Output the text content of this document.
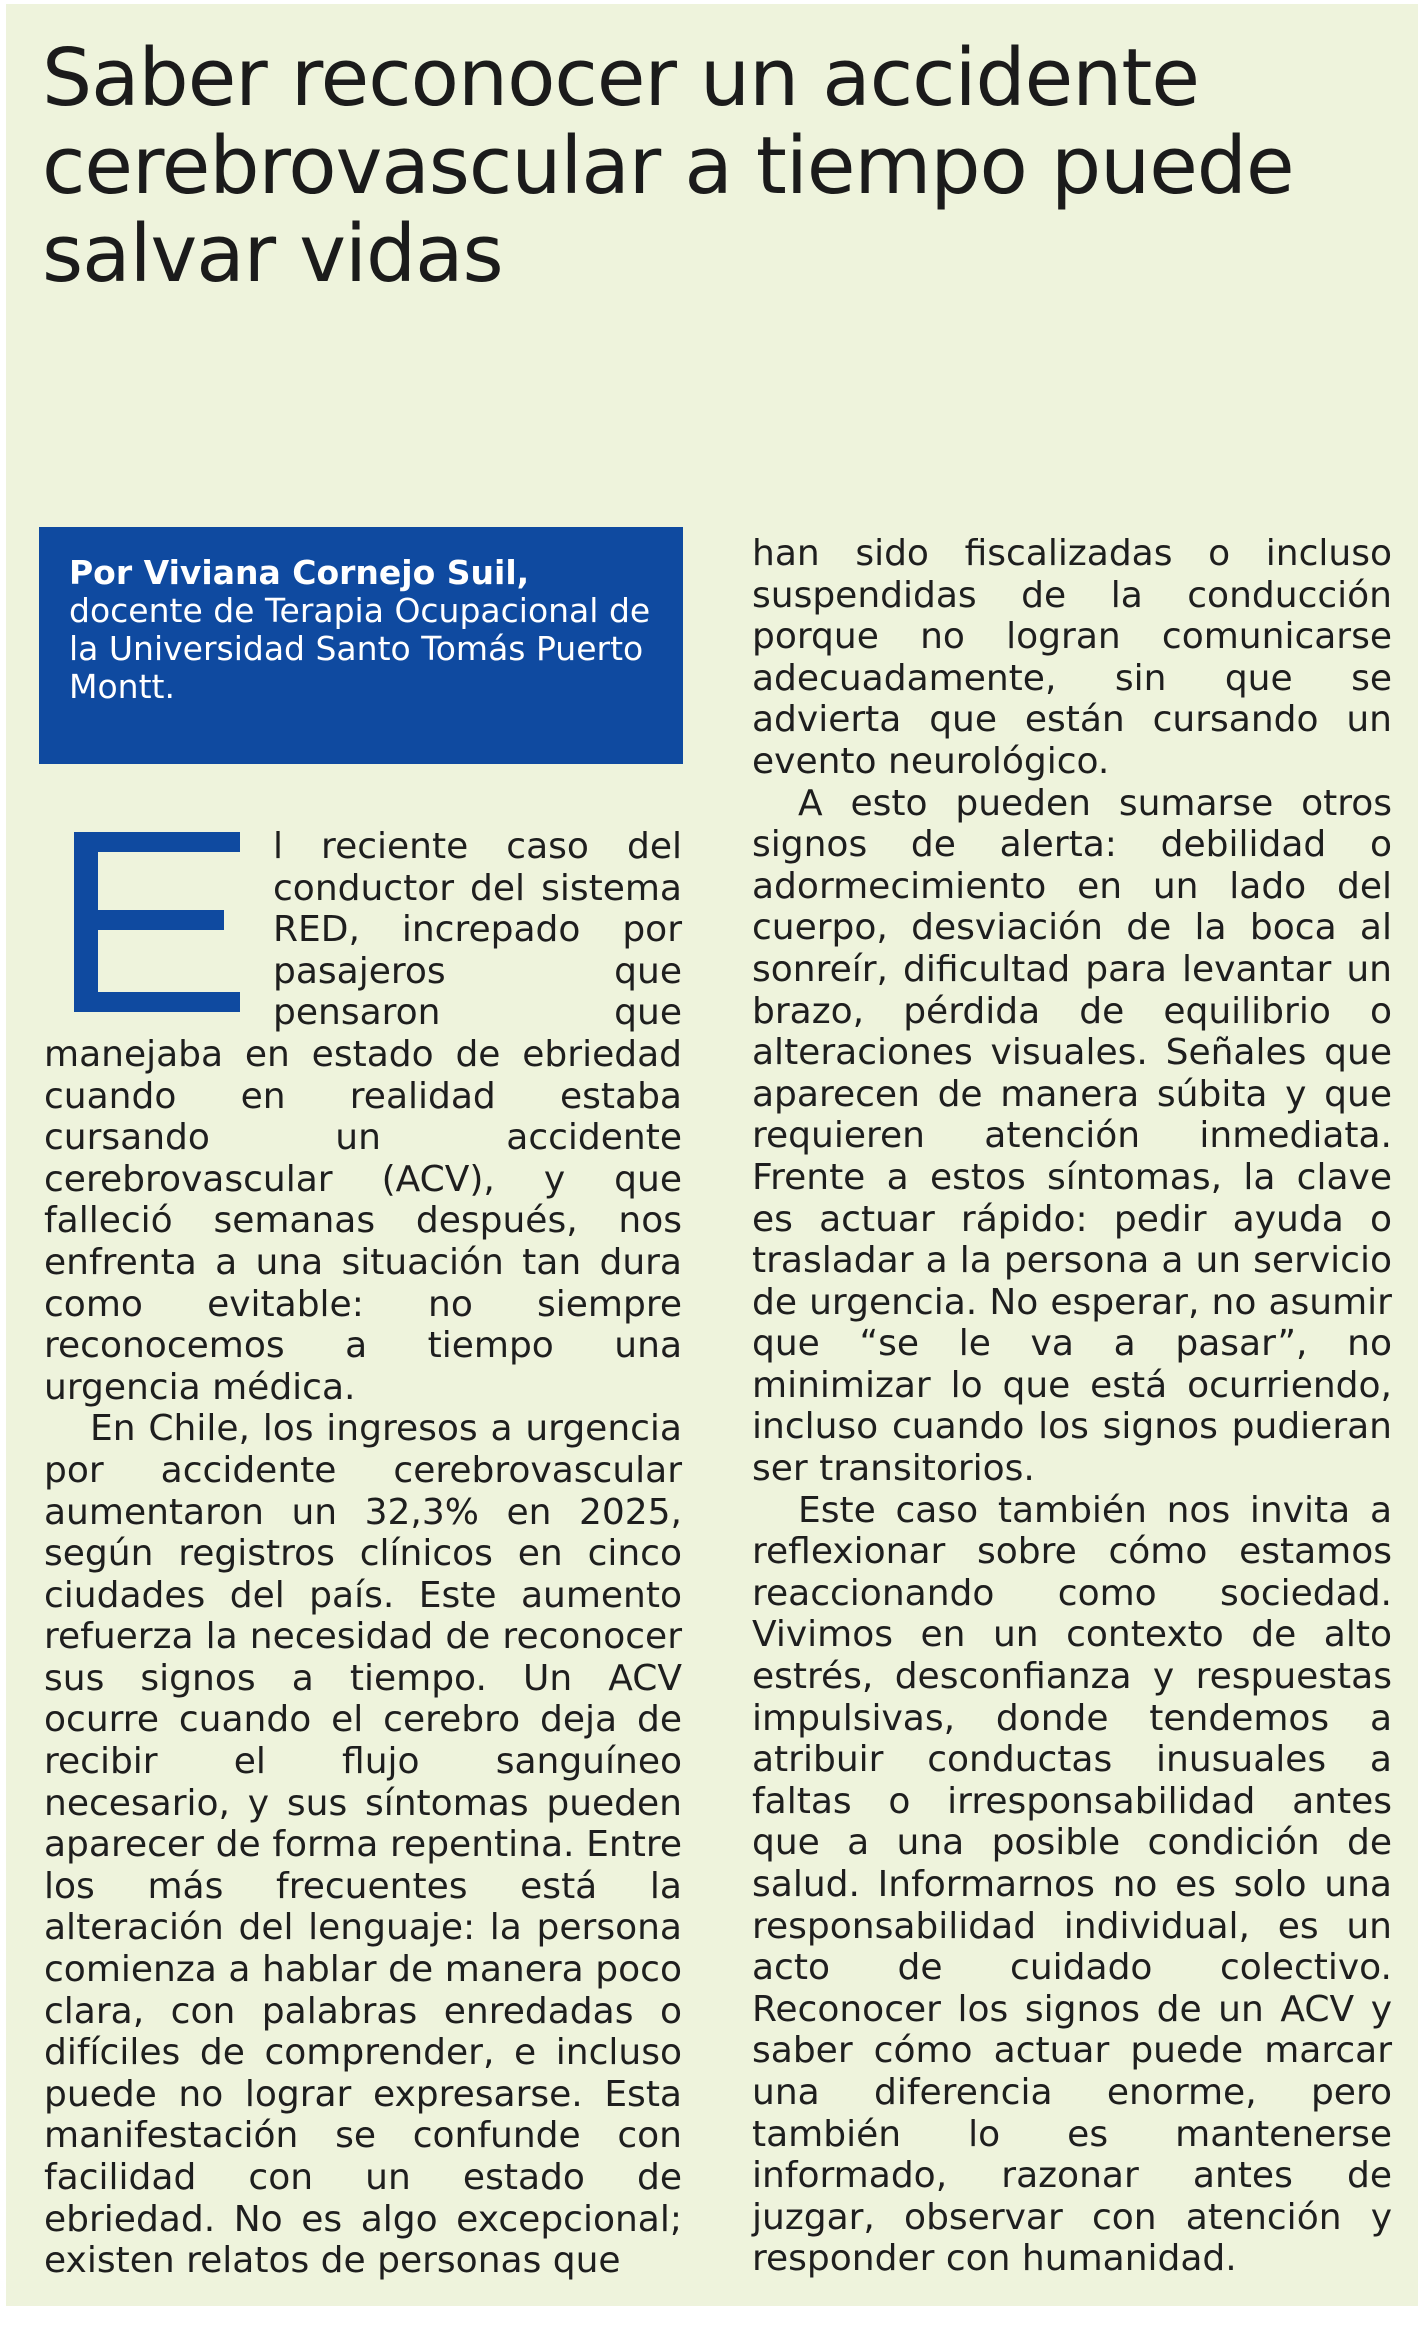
Saber reconocer un accidente cerebrovascular a tiempo puede salvar vidas
Por Viviana Cornejo Suil,
docente de Terapia Ocupacional de la Universidad Santo Tomás Puerto Montt.

l reciente caso del conductor del sistema RED, increpado por pasajeros que pensaron que manejaba en estado de ebriedad cuando en realidad estaba cursando un accidente cerebrovascular (ACV), y que falleció semanas después, nos enfrenta a una situación tan dura como evitable: no siempre reconocemos a tiempo una urgencia médica.

En Chile, los ingresos a urgencia por accidente cerebrovascular aumentaron un 32,3% en 2025, según registros clínicos en cinco ciudades del país. Este aumento refuerza la necesidad de reconocer sus signos a tiempo. Un ACV ocurre cuando el cerebro deja de recibir el flujo sanguíneo necesario, y sus síntomas pueden aparecer de forma repentina. Entre los más frecuentes está la alteración del lenguaje: la persona comienza a hablar de manera poco clara, con palabras enredadas o difíciles de comprender, e incluso puede no lograr expresarse. Esta manifestación se confunde con facilidad con un estado de ebriedad. No es algo excepcional; existen relatos de personas que

han sido fiscalizadas o incluso suspendidas de la conducción porque no logran comunicarse adecuadamente, sin que se advierta que están cursando un evento neurológico.

A esto pueden sumarse otros signos de alerta: debilidad o adormecimiento en un lado del cuerpo, desviación de la boca al sonreír, dificultad para levantar un brazo, pérdida de equilibrio o alteraciones visuales. Señales que aparecen de manera súbita y que requieren atención inmediata. Frente a estos síntomas, la clave es actuar rápido: pedir ayuda o trasladar a la persona a un servicio de urgencia. No esperar, no asumir que “se le va a pasar”, no minimizar lo que está ocurriendo, incluso cuando los signos pudieran ser transitorios.

Este caso también nos invita a reflexionar sobre cómo estamos reaccionando como sociedad. Vivimos en un contexto de alto estrés, desconfianza y respuestas impulsivas, donde tendemos a atribuir conductas inusuales a faltas o irresponsabilidad antes que a una posible condición de salud. Informarnos no es solo una responsabilidad individual, es un acto de cuidado colectivo. Reconocer los signos de un ACV y saber cómo actuar puede marcar una diferencia enorme, pero también lo es mantenerse informado, razonar antes de juzgar, observar con atención y responder con humanidad.
